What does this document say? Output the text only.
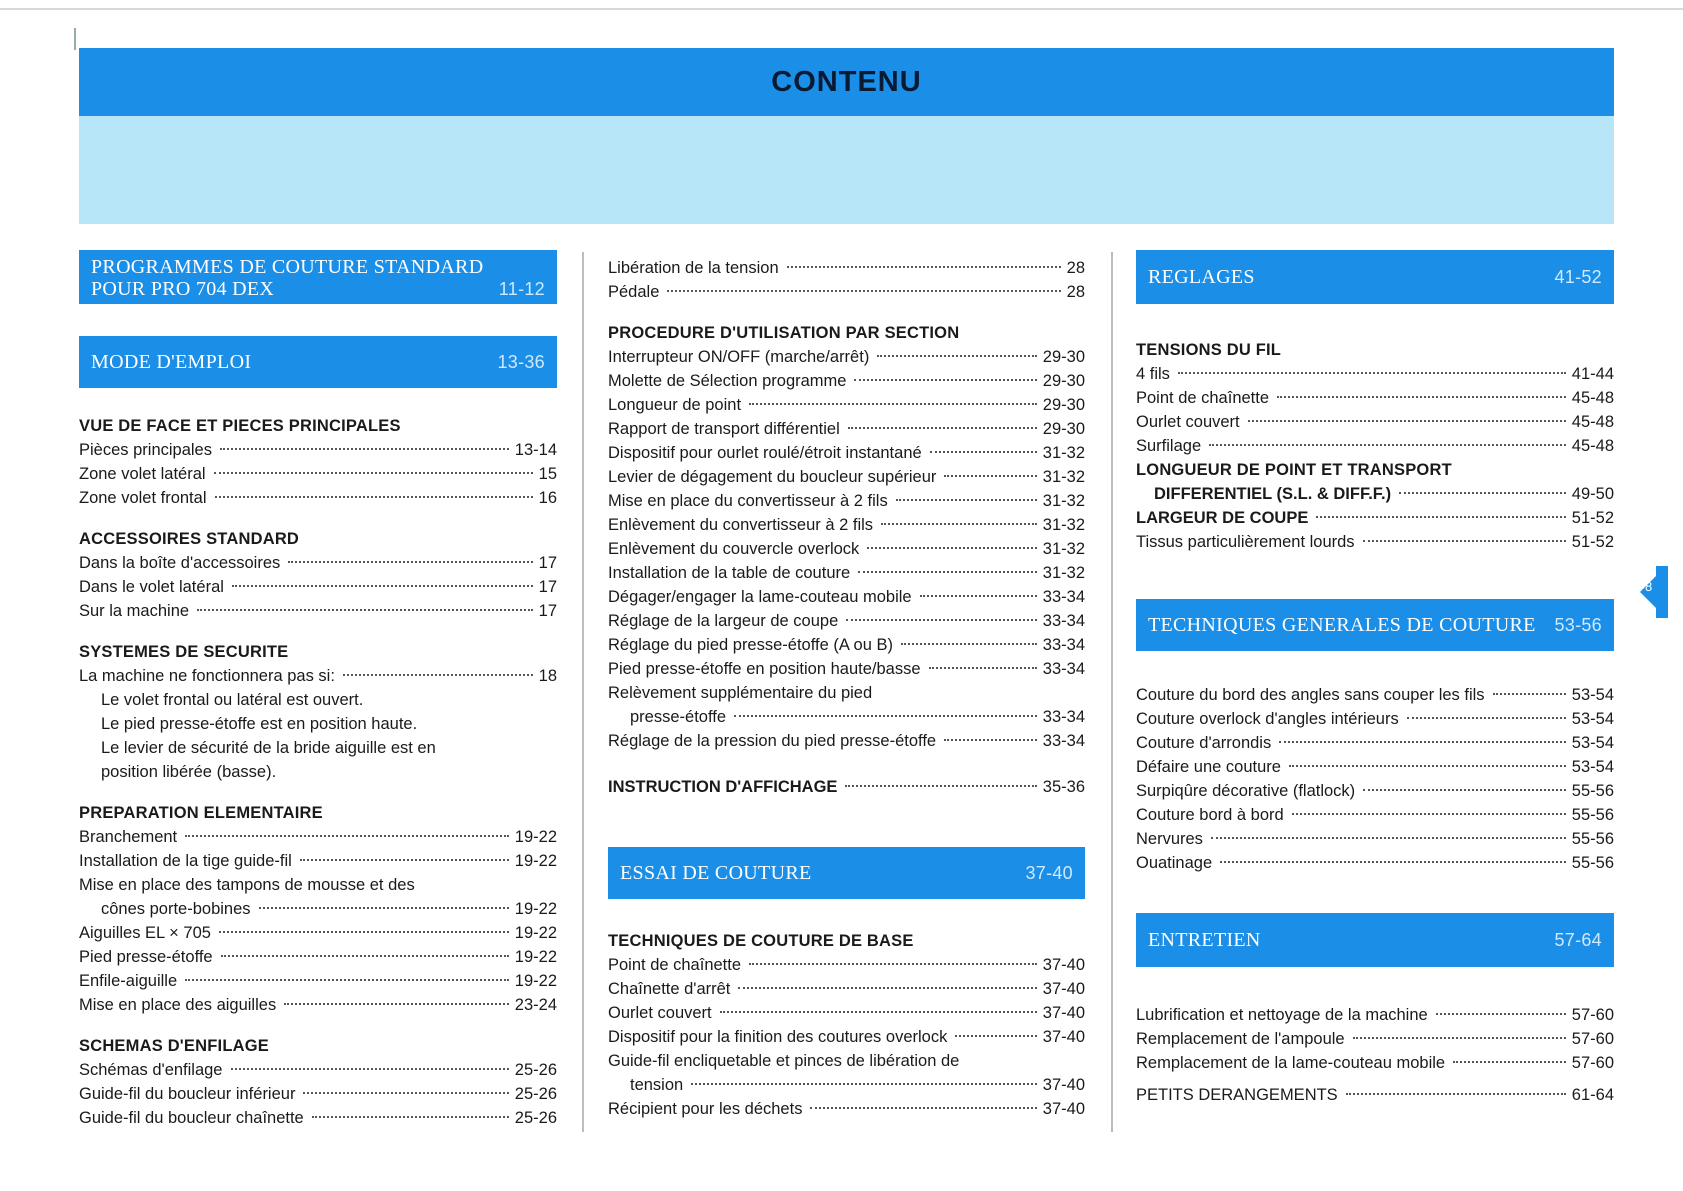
CONTENU
PROGRAMMES DE COUTURE STANDARD
POUR PRO 704 DEX	11-12
MODE D'EMPLOI	13-36
VUE DE FACE ET PIECES PRINCIPALES
Pièces principales	13-14
Zone volet latéral	15
Zone volet frontal	16
ACCESSOIRES STANDARD
Dans la boîte d'accessoires	17
Dans le volet latéral	17
Sur la machine	17
SYSTEMES DE SECURITE
La machine ne fonctionnera pas si:	18
Le volet frontal ou latéral est ouvert.
Le pied presse-étoffe est en position haute.
Le levier de sécurité de la bride aiguille est en
position libérée (basse).
PREPARATION ELEMENTAIRE
Branchement	19-22
Installation de la tige guide-fil	19-22
Mise en place des tampons de mousse et des
cônes porte-bobines	19-22
Aiguilles EL × 705	19-22
Pied presse-étoffe	19-22
Enfile-aiguille	19-22
Mise en place des aiguilles	23-24
SCHEMAS D'ENFILAGE
Schémas d'enfilage	25-26
Guide-fil du boucleur inférieur	25-26
Guide-fil du boucleur chaînette	25-26
Libération de la tension	28
Pédale	28
PROCEDURE D'UTILISATION PAR SECTION
Interrupteur ON/OFF (marche/arrêt)	29-30
Molette de Sélection programme	29-30
Longueur de point	29-30
Rapport de transport différentiel	29-30
Dispositif pour ourlet roulé/étroit instantané	31-32
Levier de dégagement du boucleur supérieur	31-32
Mise en place du convertisseur à 2 fils	31-32
Enlèvement du convertisseur à 2 fils	31-32
Enlèvement du couvercle overlock	31-32
Installation de la table de couture	31-32
Dégager/engager la lame-couteau mobile	33-34
Réglage de la largeur de coupe	33-34
Réglage du pied presse-étoffe (A ou B)	33-34
Pied presse-étoffe en position haute/basse	33-34
Relèvement supplémentaire du pied
presse-étoffe	33-34
Réglage de la pression du pied presse-étoffe	33-34
INSTRUCTION D'AFFICHAGE	35-36
ESSAI DE COUTURE	37-40
TECHNIQUES DE COUTURE DE BASE
Point de chaînette	37-40
Chaînette d'arrêt	37-40
Ourlet couvert	37-40
Dispositif pour la finition des coutures overlock	37-40
Guide-fil encliquetable et pinces de libération de
tension	37-40
Récipient pour les déchets	37-40
REGLAGES	41-52
TENSIONS DU FIL
4 fils	41-44
Point de chaînette	45-48
Ourlet couvert	45-48
Surfilage	45-48
LONGUEUR DE POINT ET TRANSPORT
DIFFERENTIEL (S.L. & DIFF.F.)	49-50
LARGEUR DE COUPE	51-52
Tissus particulièrement lourds	51-52
TECHNIQUES GENERALES DE COUTURE 53-56
Couture du bord des angles sans couper les fils	53-54
Couture overlock d'angles intérieurs	53-54
Couture d'arrondis	53-54
Défaire une couture	53-54
Surpiqûre décorative (flatlock)	55-56
Couture bord à bord	55-56
Nervures	55-56
Ouatinage	55-56
ENTRETIEN	57-64
Lubrification et nettoyage de la machine	57-60
Remplacement de l'ampoule	57-60
Remplacement de la lame-couteau mobile	57-60
PETITS DERANGEMENTS	61-64
8
